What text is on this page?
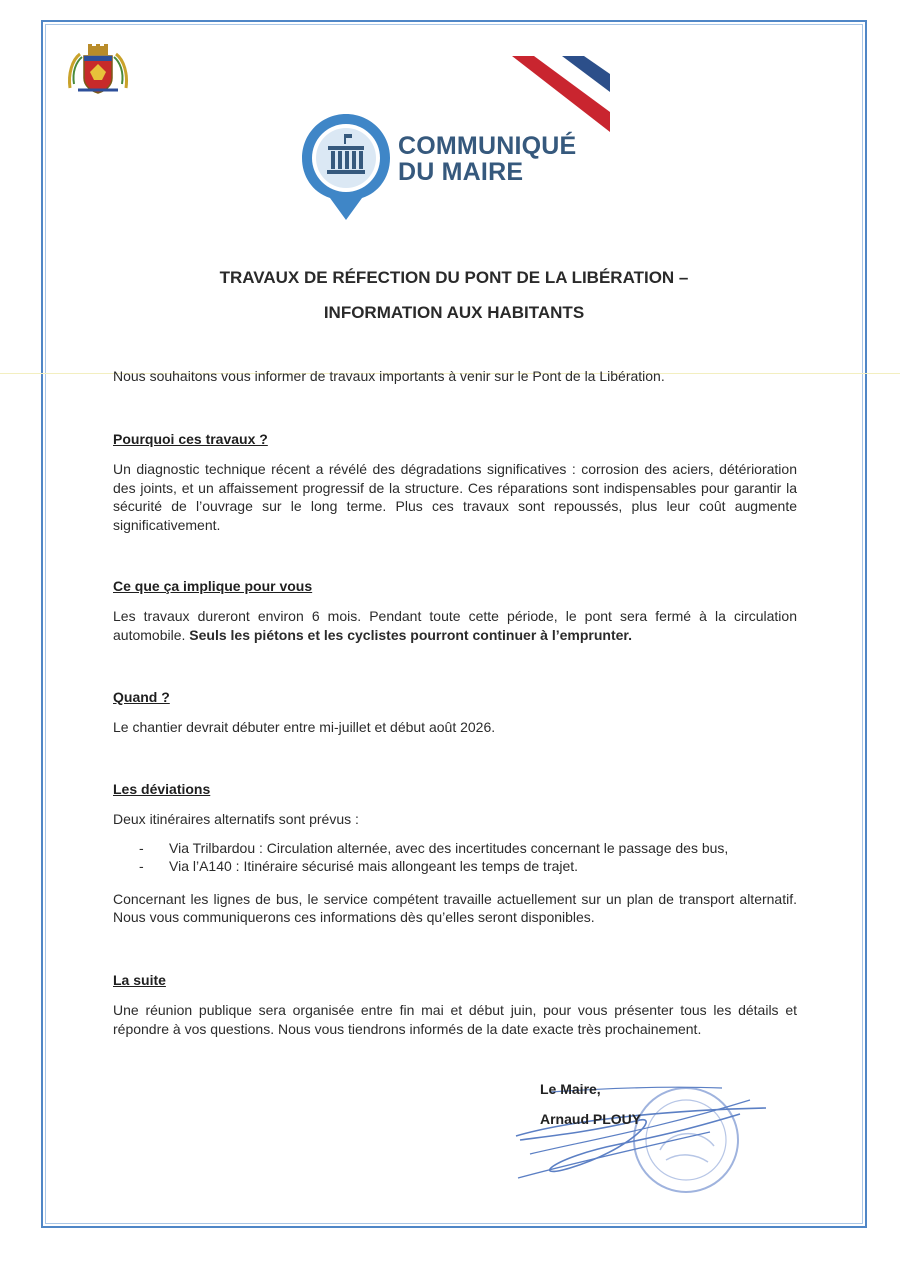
COMMUNIQUÉ
DU MAIRE
TRAVAUX DE RÉFECTION DU PONT DE LA LIBÉRATION –
INFORMATION AUX HABITANTS
Nous souhaitons vous informer de travaux importants à venir sur le Pont de la Libération.
Pourquoi ces travaux ?

Un diagnostic technique récent a révélé des dégradations significatives : corrosion des aciers, détérioration des joints, et un affaissement progressif de la structure. Ces réparations sont indispensables pour garantir la sécurité de l’ouvrage sur le long terme. Plus ces travaux sont repoussés, plus leur coût augmente significativement.

Ce que ça implique pour vous

Les travaux dureront environ 6 mois. Pendant toute cette période, le pont sera fermé à la circulation automobile. Seuls les piétons et les cyclistes pourront continuer à l’emprunter.

Quand ?

Le chantier devrait débuter entre mi-juillet et début août 2026.

Les déviations

Deux itinéraires alternatifs sont prévus :

- Via Trilbardou : Circulation alternée, avec des incertitudes concernant le passage des bus,
- Via l’A140 : Itinéraire sécurisé mais allongeant les temps de trajet.

Concernant les lignes de bus, le service compétent travaille actuellement sur un plan de transport alternatif. Nous vous communiquerons ces informations dès qu’elles seront disponibles.

La suite

Une réunion publique sera organisée entre fin mai et début juin, pour vous présenter tous les détails et répondre à vos questions. Nous vous tiendrons informés de la date exacte très prochainement.

Le Maire,
Arnaud PLOUY
